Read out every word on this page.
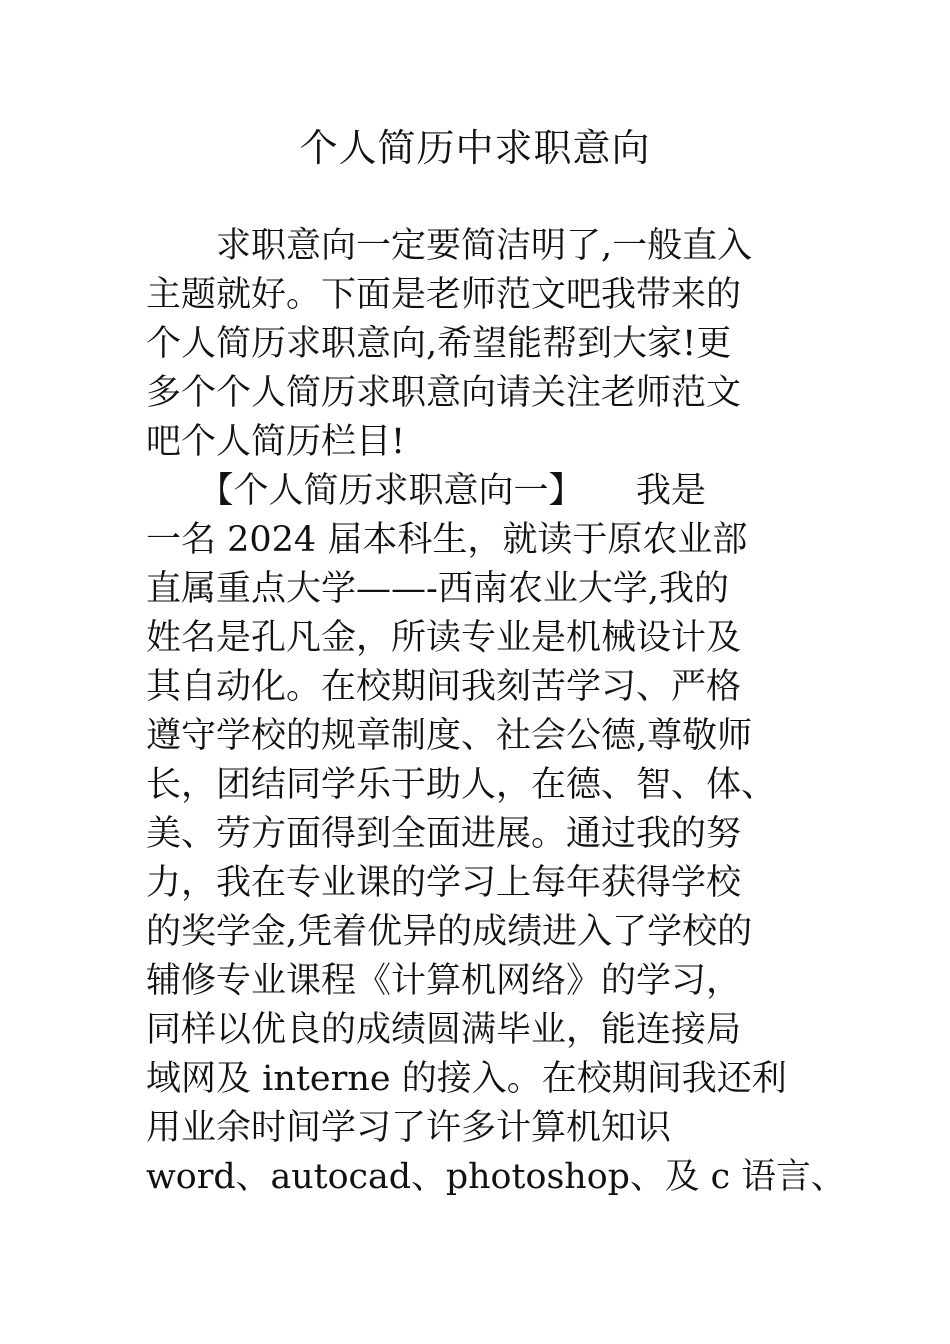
个人简历中求职意向
　　求职意向一定要简洁明了,一般直入
主题就好。下面是老师范文吧我带来的
个人简历求职意向,希望能帮到大家!更
多个个人简历求职意向请关注老师范文
吧个人简历栏目!
　　【个人简历求职意向一】　　我是
一名 2024 届本科生，就读于原农业部
直属重点大学——-西南农业大学,我的
姓名是孔凡金，所读专业是机械设计及
其自动化。在校期间我刻苦学习、严格
遵守学校的规章制度、社会公德,尊敬师
长，团结同学乐于助人，在德、智、体、
美、劳方面得到全面进展。通过我的努
力，我在专业课的学习上每年获得学校
的奖学金,凭着优异的成绩进入了学校的
辅修专业课程《计算机网络》的学习，
同样以优良的成绩圆满毕业，能连接局
域网及 interne 的接入。在校期间我还利
用业余时间学习了许多计算机知识
word、autocad、photoshop、及 c 语言、
